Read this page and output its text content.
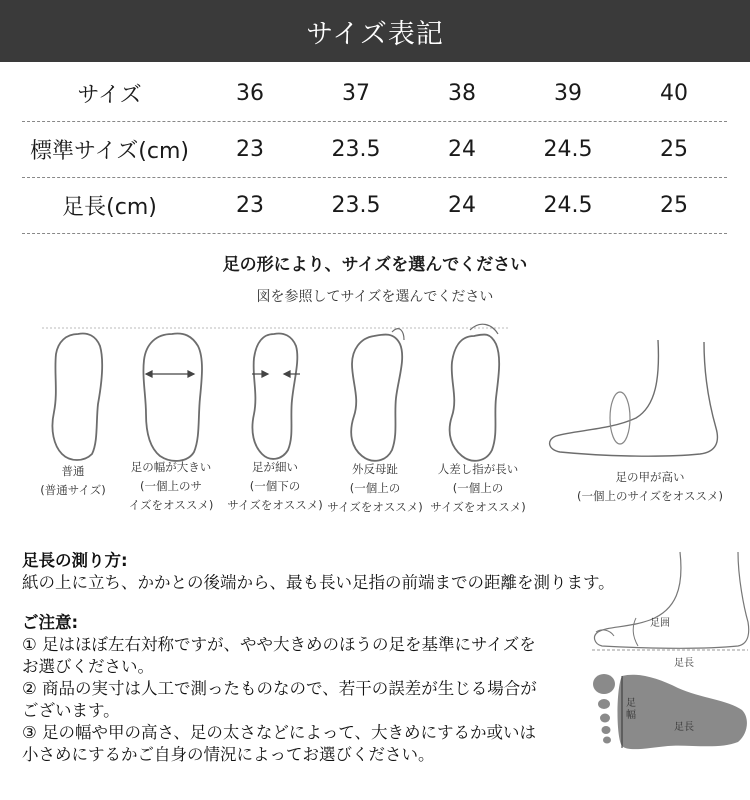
サイズ表記
サイズ	36	37	38	39	40
標準サイズ(cm)	23	23.5	24	24.5	25
足長(cm)	23	23.5	24	24.5	25
足の形により、サイズを選んでください
図を参照してサイズを選んでください
普通
(普通サイズ)
足の幅が大きい
(一個上のサ
イズをオススメ)
足が細い
(一個下の
サイズをオススメ)
外反母趾
(一個上の
サイズをオススメ)
人差し指が長い
(一個上の
サイズをオススメ)
足の甲が高い
(一個上のサイズをオススメ)

足長の測り方:

紙の上に立ち、かかとの後端から、最も長い足指の前端までの距離を測ります。

ご注意:

① 足はほぼ左右対称ですが、やや大きめのほうの足を基準にサイズを

お選びください。

② 商品の実寸は人工で測ったものなので、若干の誤差が生じる場合が

ございます。

③ 足の幅や甲の高さ、足の太さなどによって、大きめにするか或いは

小さめにするかご自身の情況によってお選びください。

足囲
足長
足幅
足長
